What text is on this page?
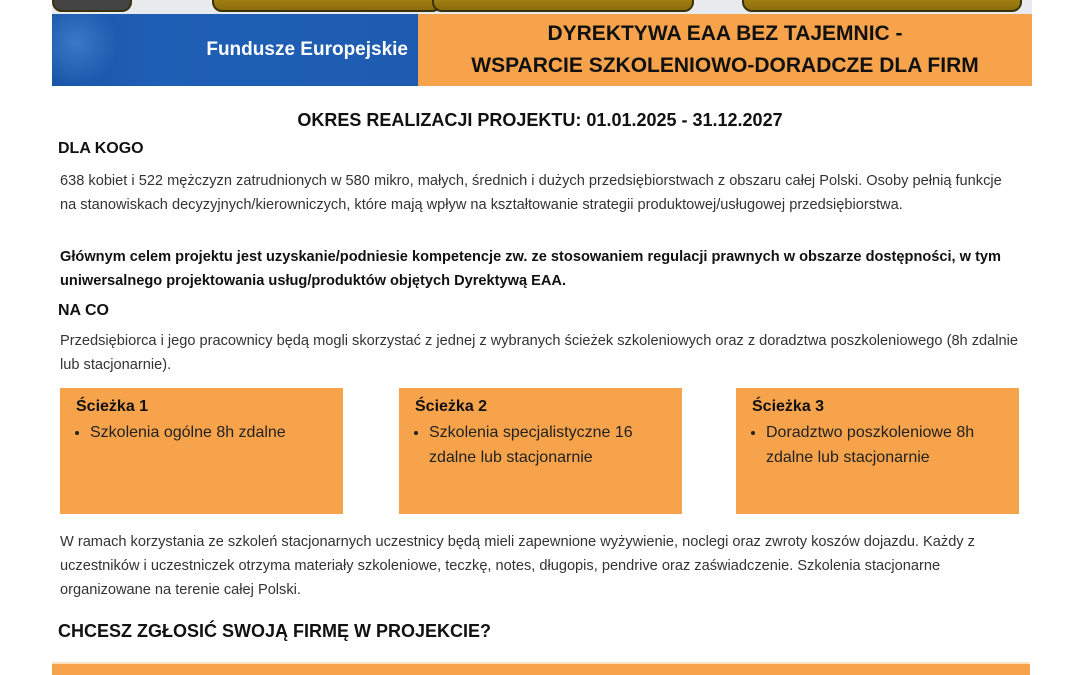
Fundusze Europejskie
DYREKTYWA EAA BEZ TAJEMNIC -
WSPARCIE SZKOLENIOWO-DORADCZE DLA FIRM
OKRES REALIZACJI PROJEKTU: 01.01.2025 - 31.12.2027
DLA KOGO
638 kobiet i 522 mężczyzn zatrudnionych w 580 mikro, małych, średnich i dużych przedsiębiorstwach z obszaru całej Polski. Osoby pełnią funkcje na stanowiskach decyzyjnych/kierowniczych, które mają wpływ na kształtowanie strategii produktowej/usługowej przedsiębiorstwa.
Głównym celem projektu jest uzyskanie/podniesie kompetencje zw. ze stosowaniem regulacji prawnych w obszarze dostępności, w tym uniwersalnego projektowania usług/produktów objętych Dyrektywą EAA.
NA CO
Przedsiębiorca i jego pracownicy będą mogli skorzystać z jednej z wybranych ścieżek szkoleniowych oraz z doradztwa poszkoleniowego (8h zdalnie lub stacjonarnie).
Ścieżka 1
• Szkolenia ogólne 8h zdalne
Ścieżka 2
• Szkolenia specjalistyczne 16 zdalne lub stacjonarnie
Ścieżka 3
• Doradztwo poszkoleniowe 8h zdalne lub stacjonarnie
W ramach korzystania ze szkoleń stacjonarnych uczestnicy będą mieli zapewnione wyżywienie, noclegi oraz zwroty koszów dojazdu. Każdy z uczestników i uczestniczek otrzyma materiały szkoleniowe, teczkę, notes, długopis, pendrive oraz zaświadczenie. Szkolenia stacjonarne organizowane na terenie całej Polski.
CHCESZ ZGŁOSIĆ SWOJĄ FIRMĘ W PROJEKCIE?
